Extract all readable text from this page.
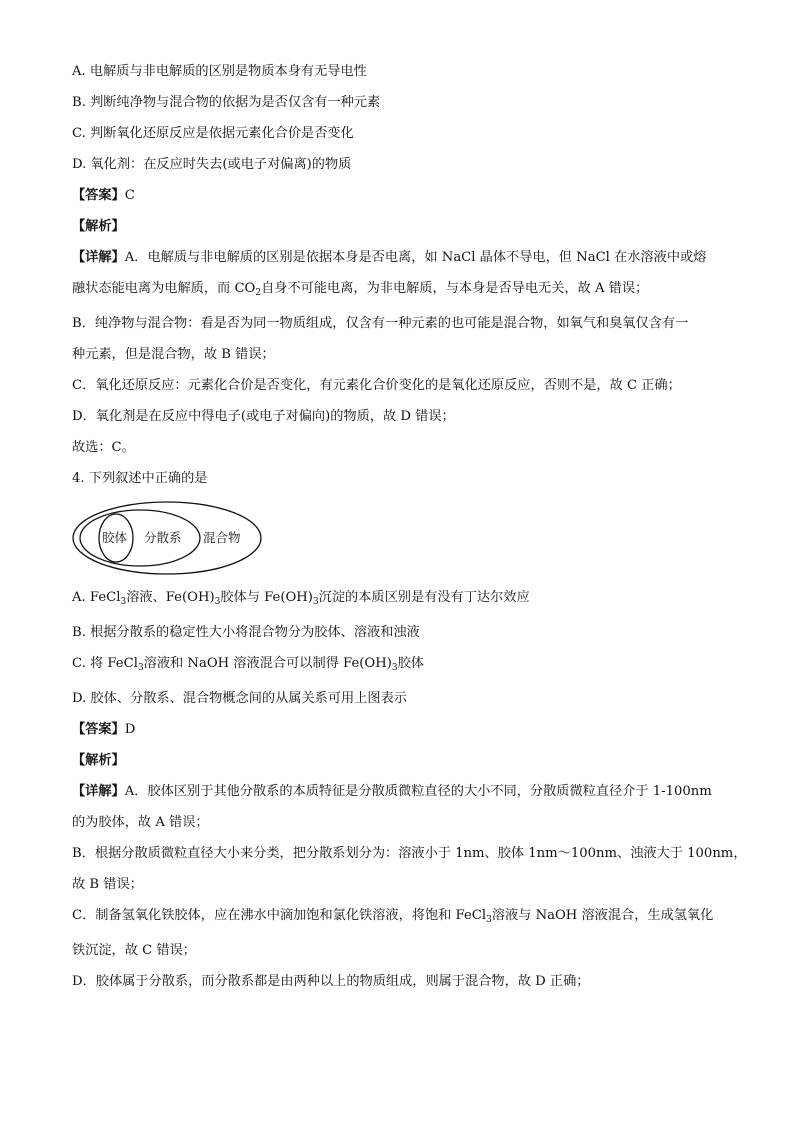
A. 电解质与非电解质的区别是物质本身有无导电性

B. 判断纯净物与混合物的依据为是否仅含有一种元素

C. 判断氧化还原反应是依据元素化合价是否变化

D. 氧化剂：在反应时失去(或电子对偏离)的物质

【答案】C

【解析】

【详解】A．电解质与非电解质的区别是依据本身是否电离，如 NaCl 晶体不导电，但 NaCl 在水溶液中或熔

融状态能电离为电解质，而 $CO_2$自身不可能电离，为非电解质，与本身是否导电无关，故 A 错误；

B．纯净物与混合物：看是否为同一物质组成，仅含有一种元素的也可能是混合物，如氧气和臭氧仅含有一

种元素，但是混合物，故 B 错误；

C．氧化还原反应：元素化合价是否变化，有元素化合价变化的是氧化还原反应，否则不是，故 C 正确；

D．氧化剂是在反应中得电子(或电子对偏向)的物质，故 D 错误；

故选：C。

4. 下列叙述中正确的是

胶体 分散系 混合物

A. FeCl$_3$溶液、$Fe(OH)_3$胶体与 $Fe(OH)_3$沉淀的本质区别是有没有丁达尔效应

B. 根据分散系的稳定性大小将混合物分为胶体、溶液和浊液

C. 将 FeCl$_3$溶液和 NaOH 溶液混合可以制得 $Fe(OH)_3$胶体

D. 胶体、分散系、混合物概念间的从属关系可用上图表示

【答案】D

【解析】

【详解】A．胶体区别于其他分散系的本质特征是分散质微粒直径的大小不同，分散质微粒直径介于 1-100nm

的为胶体，故 A 错误；

B．根据分散质微粒直径大小来分类，把分散系划分为：溶液小于 1nm、胶体 1nm～100nm、浊液大于 100nm，

故 B 错误；

C．制备氢氧化铁胶体，应在沸水中滴加饱和氯化铁溶液，将饱和 FeCl$_3$溶液与 NaOH 溶液混合，生成氢氧化

铁沉淀，故 C 错误；

D．胶体属于分散系，而分散系都是由两种以上的物质组成，则属于混合物，故 D 正确；
